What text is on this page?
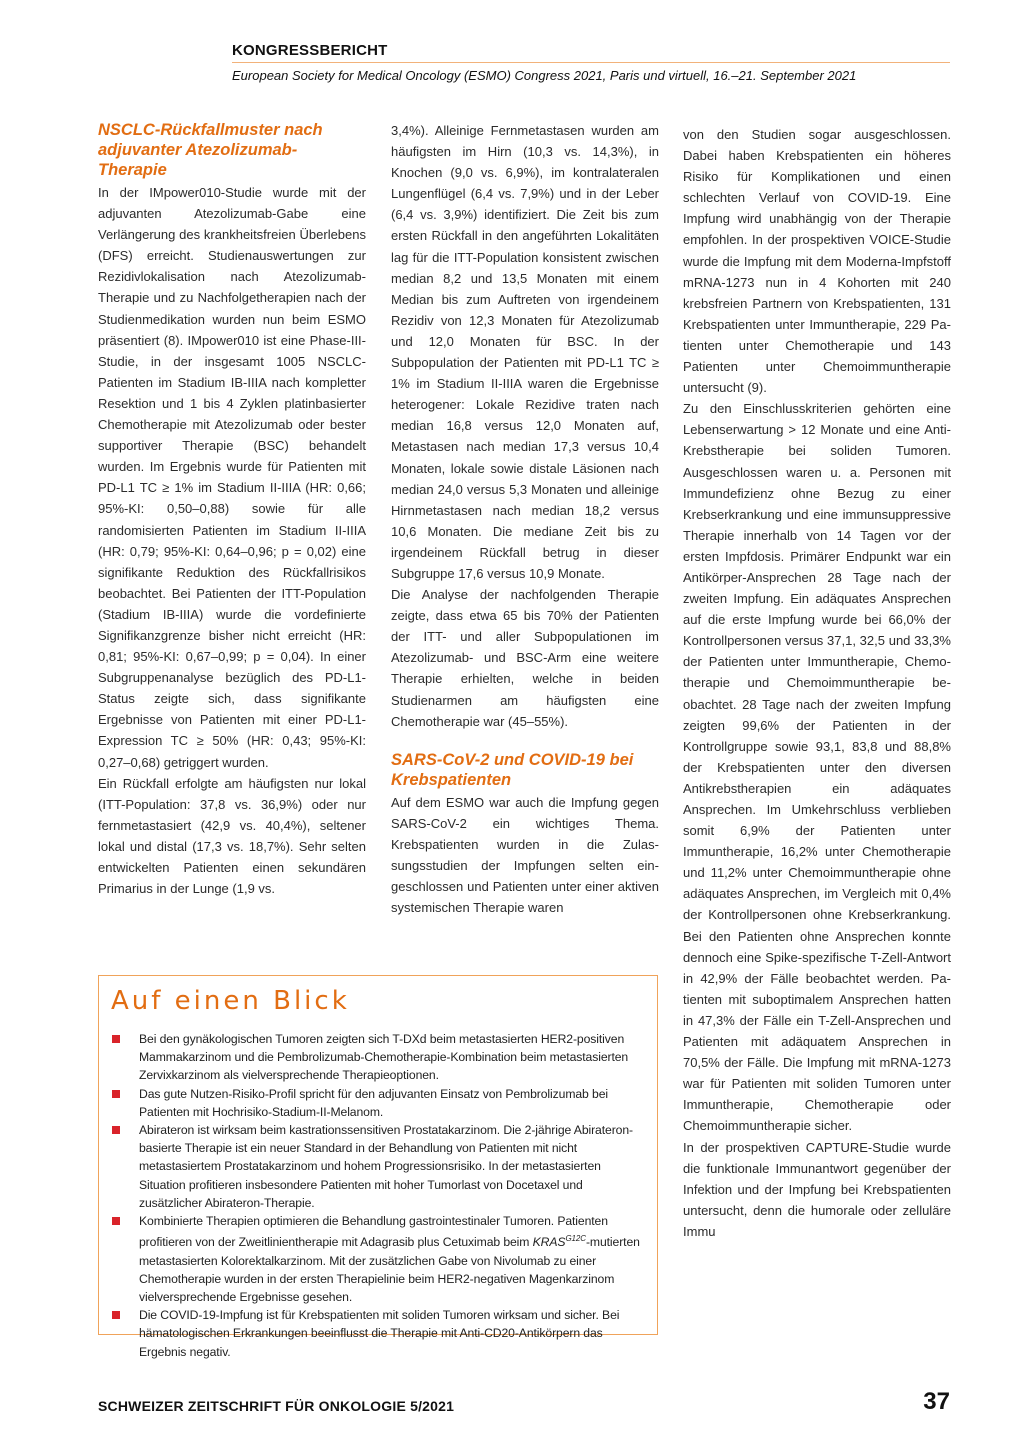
KONGRESSBERICHT
European Society for Medical Oncology (ESMO) Congress 2021, Paris und virtuell, 16.–21. September 2021
NSCLC-Rückfallmuster nach adjuvanter Atezolizumab-Therapie

In der IMpower010-Studie wurde mit der adjuvanten Atezolizumab-Gabe eine Verlängerung des krankheitsfreien Überlebens (DFS) erreicht. Studienauswertungen zur Rezidivlokalisation nach Atezolizumab-Therapie und zu Nachfolgetherapien nach der Studienmedikation wurden nun beim ESMO präsentiert (8). IMpower010 ist eine Phase-III-Studie, in der insgesamt 1005 NSCLC-Patienten im Stadium IB-IIIA nach kompletter Resektion und 1 bis 4 Zyklen platinbasierter Chemotherapie mit Atezolizumab oder bester supportiver Therapie (BSC) behandelt wurden. Im Ergebnis wurde für Patienten mit PD-L1 TC ≥ 1% im Stadium II-IIIA (HR: 0,66; 95%-KI: 0,50–0,88) sowie für alle randomisierten Patienten im Stadium II-IIIA (HR: 0,79; 95%-KI: 0,64–0,96; p = 0,02) eine signifikante Reduktion des Rückfallrisikos beobachtet. Bei Patienten der ITT-Population (Stadium IB-IIIA) wurde die vordefinierte Signifikanzgrenze bisher nicht erreicht (HR: 0,81; 95%-KI: 0,67–0,99; p = 0,04). In einer Subgruppenanalyse bezüglich des PD-L1-Status zeigte sich, dass signifikante Ergebnisse von Patienten mit einer PD-L1-Expression TC ≥ 50% (HR: 0,43; 95%-KI: 0,27–0,68) getriggert wurden.

Ein Rückfall erfolgte am häufigsten nur lokal (ITT-Population: 37,8 vs. 36,9%) oder nur fernmetastasiert (42,9 vs. 40,4%), seltener lokal und distal (17,3 vs. 18,7%). Sehr selten entwickelten Patienten einen sekundären Primarius in der Lunge (1,9 vs.

3,4%). Alleinige Fernmetastasen wurden am häufigsten im Hirn (10,3 vs. 14,3%), in Knochen (9,0 vs. 6,9%), im kontralateralen Lungenflügel (6,4 vs. 7,9%) und in der Leber (6,4 vs. 3,9%) identifiziert. Die Zeit bis zum ersten Rückfall in den angeführten Lokalitäten lag für die ITT-Population konsistent zwischen median 8,2 und 13,5 Monaten mit einem Median bis zum Auftreten von irgendeinem Rezidiv von 12,3 Monaten für Atezolizumab und 12,0 Monaten für BSC. In der Subpopulation der Patienten mit PD-L1 TC ≥ 1% im Stadium II-IIIA waren die Ergebnisse heterogener: Lokale Rezidive traten nach median 16,8 versus 12,0 Monaten auf, Metastasen nach median 17,3 versus 10,4 Monaten, lokale sowie distale Läsionen nach median 24,0 versus 5,3 Monaten und alleinige Hirnmetastasen nach median 18,2 versus 10,6 Monaten. Die mediane Zeit bis zu irgendeinem Rückfall betrug in dieser Subgruppe 17,6 versus 10,9 Monate.

Die Analyse der nachfolgenden Therapie zeigte, dass etwa 65 bis 70% der Patienten der ITT- und aller Subpopulationen im Atezolizumab- und BSC-Arm eine weitere Therapie erhielten, welche in beiden Studienarmen am häufigsten eine Chemotherapie war (45–55%).

SARS-CoV-2 und COVID-19 bei Krebspatienten

Auf dem ESMO war auch die Impfung gegen SARS-CoV-2 ein wichtiges Thema. Krebspatienten wurden in die Zulassungsstudien der Impfungen selten eingeschlossen und Patienten unter einer aktiven systemischen Therapie waren

von den Studien sogar ausgeschlossen. Dabei haben Krebspatienten ein höheres Risiko für Komplikationen und einen schlechten Verlauf von COVID-19. Eine Impfung wird unabhängig von der Therapie empfohlen. In der prospektiven VOICE-Studie wurde die Impfung mit dem Moderna-Impfstoff mRNA-1273 nun in 4 Kohorten mit 240 krebsfreien Partnern von Krebspatienten, 131 Krebspatienten unter Immuntherapie, 229 Patienten unter Chemotherapie und 143 Patienten unter Chemoimmuntherapie untersucht (9).

Zu den Einschlusskriterien gehörten eine Lebenserwartung > 12 Monate und eine Anti-Krebstherapie bei soliden Tumoren. Ausgeschlossen waren u. a. Personen mit Immundefizienz ohne Bezug zu einer Krebserkrankung und eine immunsuppressive Therapie innerhalb von 14 Tagen vor der ersten Impfdosis. Primärer Endpunkt war ein Antikörper-Ansprechen 28 Tage nach der zweiten Impfung. Ein adäquates Ansprechen auf die erste Impfung wurde bei 66,0% der Kontrollpersonen versus 37,1, 32,5 und 33,3% der Patienten unter Immuntherapie, Chemotherapie und Chemoimmuntherapie beobachtet. 28 Tage nach der zweiten Impfung zeigten 99,6% der Patienten in der Kontrollgruppe sowie 93,1, 83,8 und 88,8% der Krebspatienten unter den diversen Antikrebstherapien ein adäquates Ansprechen. Im Umkehrschluss verblieben somit 6,9% der Patienten unter Immuntherapie, 16,2% unter Chemotherapie und 11,2% unter Chemoimmuntherapie ohne adäquates Ansprechen, im Vergleich mit 0,4% der Kontrollpersonen ohne Krebserkrankung. Bei den Patienten ohne Ansprechen konnte dennoch eine Spike-spezifische T-Zell-Antwort in 42,9% der Fälle beobachtet werden. Patienten mit suboptimalem Ansprechen hatten in 47,3% der Fälle ein T-Zell-Ansprechen und Patienten mit adäquatem Ansprechen in 70,5% der Fälle. Die Impfung mit mRNA-1273 war für Patienten mit soliden Tumoren unter Immuntherapie, Chemotherapie oder Chemoimmuntherapie sicher.

In der prospektiven CAPTURE-Studie wurde die funktionale Immunantwort gegenüber der Infektion und der Impfung bei Krebspatienten untersucht, denn die humorale oder zelluläre Immu

Auf einen Blick
Bei den gynäkologischen Tumoren zeigten sich T-DXd beim metastasierten HER2-positiven Mammakarzinom und die Pembrolizumab-Chemotherapie-Kombination beim metastasierten Zervixkarzinom als vielversprechende Therapieoptionen.
Das gute Nutzen-Risiko-Profil spricht für den adjuvanten Einsatz von Pembrolizumab bei Patienten mit Hochrisiko-Stadium-II-Melanom.
Abirateron ist wirksam beim kastrationssensitiven Prostatakarzinom. Die 2-jährige Abirateronbasierte Therapie ist ein neuer Standard in der Behandlung von Patienten mit nicht metastasiertem Prostatakarzinom und hohem Progressionsrisiko. In der metastasierten Situation profitieren insbesondere Patienten mit hoher Tumorlast von Docetaxel und zusätzlicher Abirateron-Therapie.
Kombinierte Therapien optimieren die Behandlung gastrointestinaler Tumoren. Patienten profitieren von der Zweitlinientherapie mit Adagrasib plus Cetuximab beim $KRAS^{G12C}$-mutierten metastasierten Kolorektalkarzinom. Mit der zusätzlichen Gabe von Nivolumab zu einer Chemotherapie wurden in der ersten Therapielinie beim HER2-negativen Magenkarzinom vielversprechende Ergebnisse gesehen.
Die COVID-19-Impfung ist für Krebspatienten mit soliden Tumoren wirksam und sicher. Bei hämatologischen Erkrankungen beeinflusst die Therapie mit Anti-CD20-Antikörpern das Ergebnis negativ.
SCHWEIZER ZEITSCHRIFT FÜR ONKOLOGIE 5/2021	37
